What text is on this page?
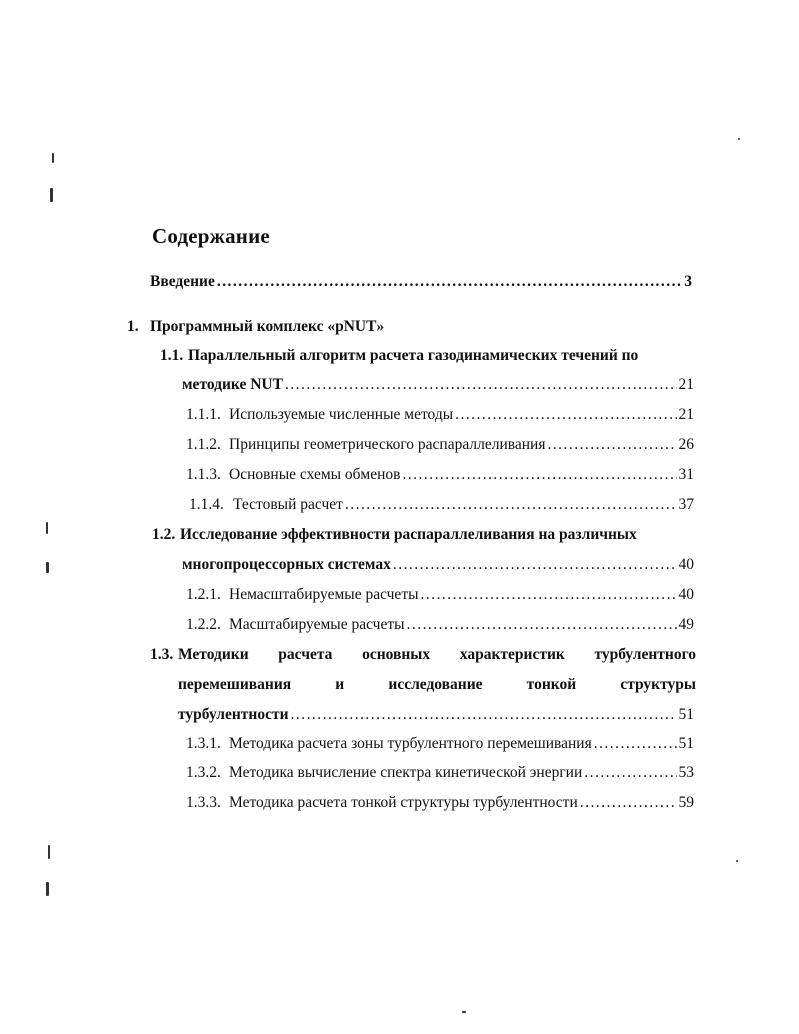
Содержание
Введение . . .	3
1. Программный комплекс «pNUT»
1.1. Параллельный алгоритм расчета газодинамических течений по
методике NUT . . .	21
1.1.1. Используемые численные методы . . .	21
1.1.2. Принципы геометрического распараллеливания . . .	26
1.1.3. Основные схемы обменов . . .	31
1.1.4. Тестовый расчет . . .	37
1.2. Исследование эффективности распараллеливания на различных
многопроцессорных системах . . .	40
1.2.1. Немасштабируемые расчеты . . .	40
1.2.2. Масштабируемые расчеты . . .	49
1.3. Методики расчета основных характеристик турбулентного
перемешивания и исследование тонкой структуры
турбулентности . . .	51
1.3.1. Методика расчета зоны турбулентного перемешивания . . .	51
1.3.2. Методика вычисление спектра кинетической энергии . . .	53
1.3.3. Методика расчета тонкой структуры турбулентности . . .	59
